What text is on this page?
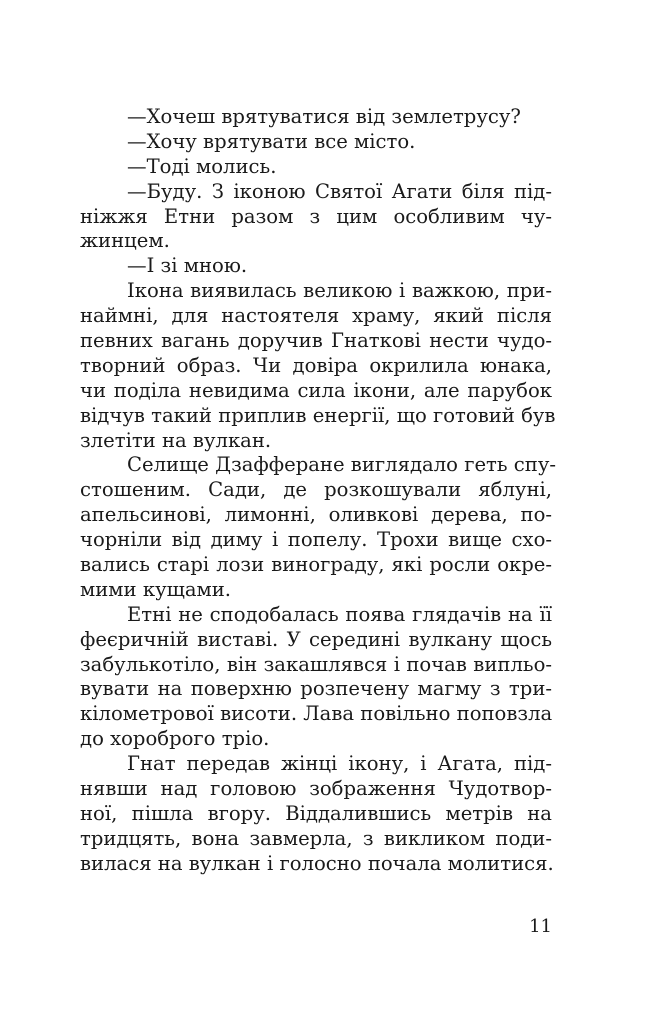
—Хочеш врятуватися від землетрусу?
—Хочу врятувати все місто.
—Тоді молись.
—Буду. З іконою Святої Агати біля під-
ніжжя Етни разом з цим особливим чу-
жинцем.
—І зі мною.
Ікона виявилась великою і важкою, при-
наймні, для настоятеля храму, який після
певних вагань доручив Гнаткові нести чудо-
творний образ. Чи довіра окрилила юнака,
чи поділа невидима сила ікони, але парубок
відчув такий приплив енергії, що готовий був
злетіти на вулкан.
Селище Дзаффеpане виглядало геть спу-
стошеним. Сади, де розкошували яблуні,
апельсинові, лимонні, оливкові дерева, по-
чорніли від диму і попелу. Трохи вище схо-
вались старі лози винограду, які росли окре-
мими кущами.
Етні не сподобалась поява глядачів на її
феєричній виставі. У середині вулкану щось
забулькотіло, він закашлявся і почав випльо-
вувати на поверхню розпечену магму з три-
кілометрової висоти. Лава повільно поповзла
до хороброго тріо.
Гнат передав жінці ікону, і Агата, під-
нявши над головою зображення Чудотвор-
ної, пішла вгору. Віддалившись метрів на
тридцять, вона завмерла, з викликом поди-
вилася на вулкан і голосно почала молитися.
11
